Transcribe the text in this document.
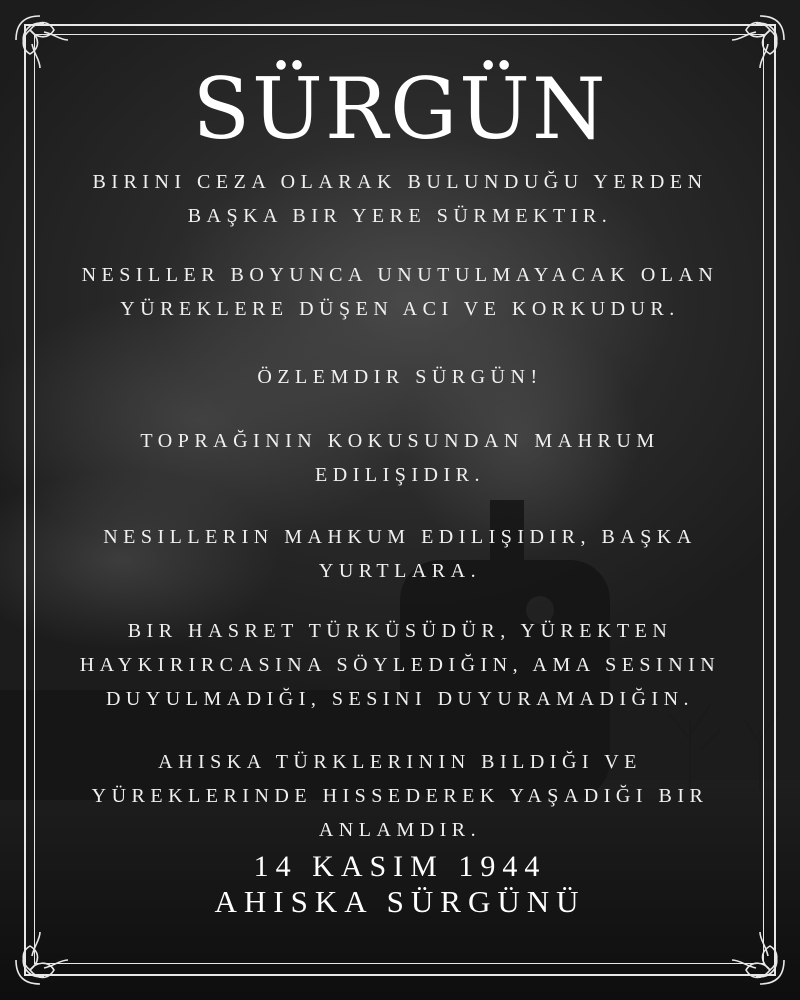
SÜRGÜN

BIRINI CEZA OLARAK BULUNDUĞU YERDEN BAŞKA BIR YERE SÜRMEKTIR.

NESILLER BOYUNCA UNUTULMAYACAK OLAN YÜREKLERE DÜŞEN ACI VE KORKUDUR.

ÖZLEMDIR SÜRGÜN!

TOPRAĞININ KOKUSUNDAN MAHRUM EDILIŞIDIR.

NESILLERIN MAHKUM EDILIŞIDIR, BAŞKA YURTLARA.

BIR HASRET TÜRKÜSÜDÜR, YÜREKTEN HAYKIRIRCASINA SÖYLEDIĞIN, AMA SESININ DUYULMADIĞI, SESINI DUYURAMADIĞIN.

AHISKA TÜRKLERININ BILDIĞI VE YÜREKLERINDE HISSEDEREK YAŞADIĞI BIR ANLAMDIR.

14 KASIM 1944

AHISKA SÜRGÜNÜ
